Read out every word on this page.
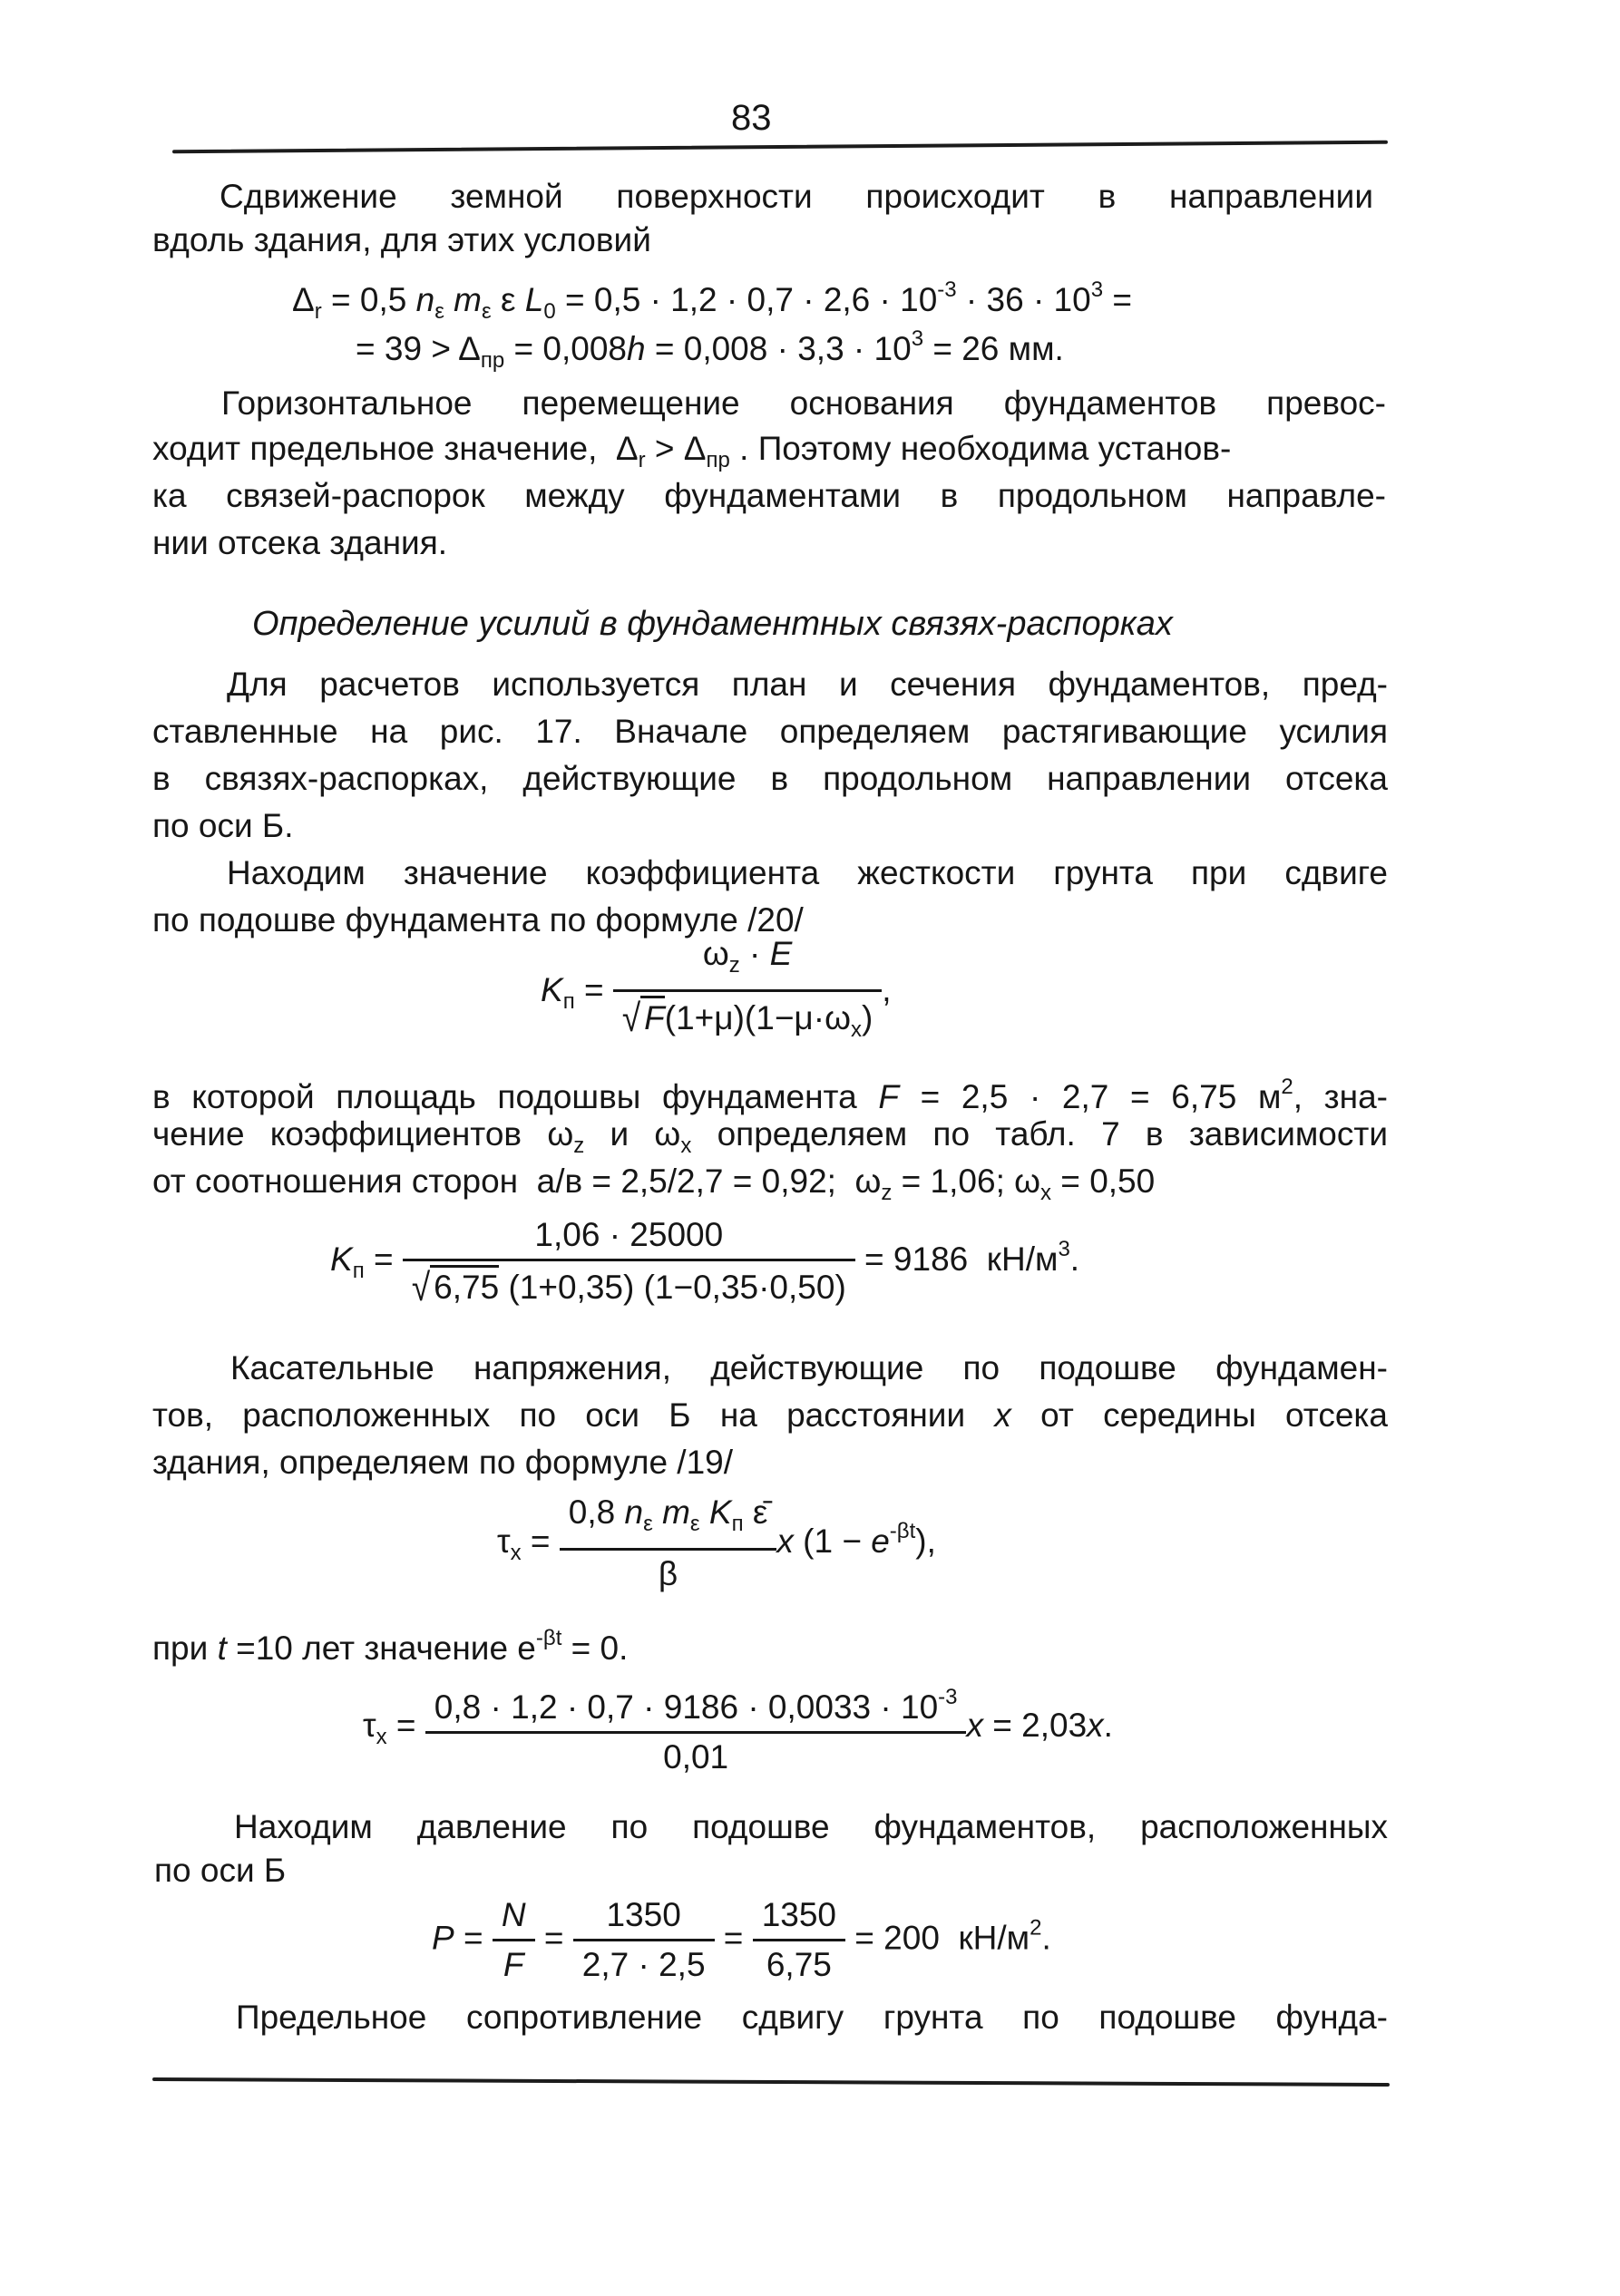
83
Сдвижение земной поверхности происходит в направлении
вдоль здания, для этих условий
$\Delta_r = 0,5$ $n_\varepsilon$ $m_\varepsilon$ ε $L_0 = 0,5 \cdot 1,2 \cdot 0,7 \cdot 2,6 \cdot 10^{-3} \cdot 36 \cdot 10^3$ =
= $39 > \Delta_{пр} = 0,008h = 0,008 \cdot 3,3 \cdot 10^3 = 26$ мм.
Горизонтальное перемещение основания фундаментов превос-
ходит предельное значение,  $\Delta_r > \Delta_{пр}$ . Поэтому необходима установ-
ка связей-распорок между фундаментами в продольном направле-
нии отсека здания.
Определение усилий в фундаментных связях-распорках
Для расчетов используется план и сечения фундаментов, пред-
ставленные на рис. 17. Вначале определяем растягивающие усилия
в связях-распорках, действующие в продольном направлении отсека
по оси Б.
Находим значение коэффициента жесткости грунта при сдвиге
по подошве фундамента по формуле /20/
$K_п = \frac{\omega_z \cdot E}{√ F(1+\mu)(1-\mu\cdot\omega_x)}$ ,
в которой площадь подошвы фундамента F = 2,5 · 2,7 = 6,75 $м^2$, зна-
чение коэффициентов $\omega_z$ и $\omega_x$ определяем по табл. 7 в зависимости
от соотношения сторон  а/в = 2,5/2,7 = 0,92;  $\omega_z = 1,06$; $\omega_x = 0,50$
$K_п = \frac{1,06 \cdot 25000}{√ 6,75 (1+0,35) (1-0,35\cdot 0,50)} = 9186$  $кН/м^3$.
Касательные напряжения, действующие по подошве фундамен-
тов, расположенных по оси Б на расстоянии x от середины отсека
здания, определяем по формуле /19/
$\tau_x = \frac{0,8 n_\varepsilon m_\varepsilon K_п \varepsilon̄}{\beta}$ x $(1 - e^{-\beta t})$,
при t =10 лет значение $e^{-\beta t} = 0$.
$\tau_x = \frac{0,8 \cdot 1,2 \cdot 0,7 \cdot 9186 \cdot 0,0033 \cdot 10^{-3}}{0,01}$ x = 2,03x.
Находим давление по подошве фундаментов, расположенных
по оси Б
$P = \frac{N}{F} = \frac{1350}{2,7 \cdot 2,5} = \frac{1350}{6,75} = 200$  $кН/м^2$.
Предельное сопротивление сдвигу грунта по подошве фунда-
